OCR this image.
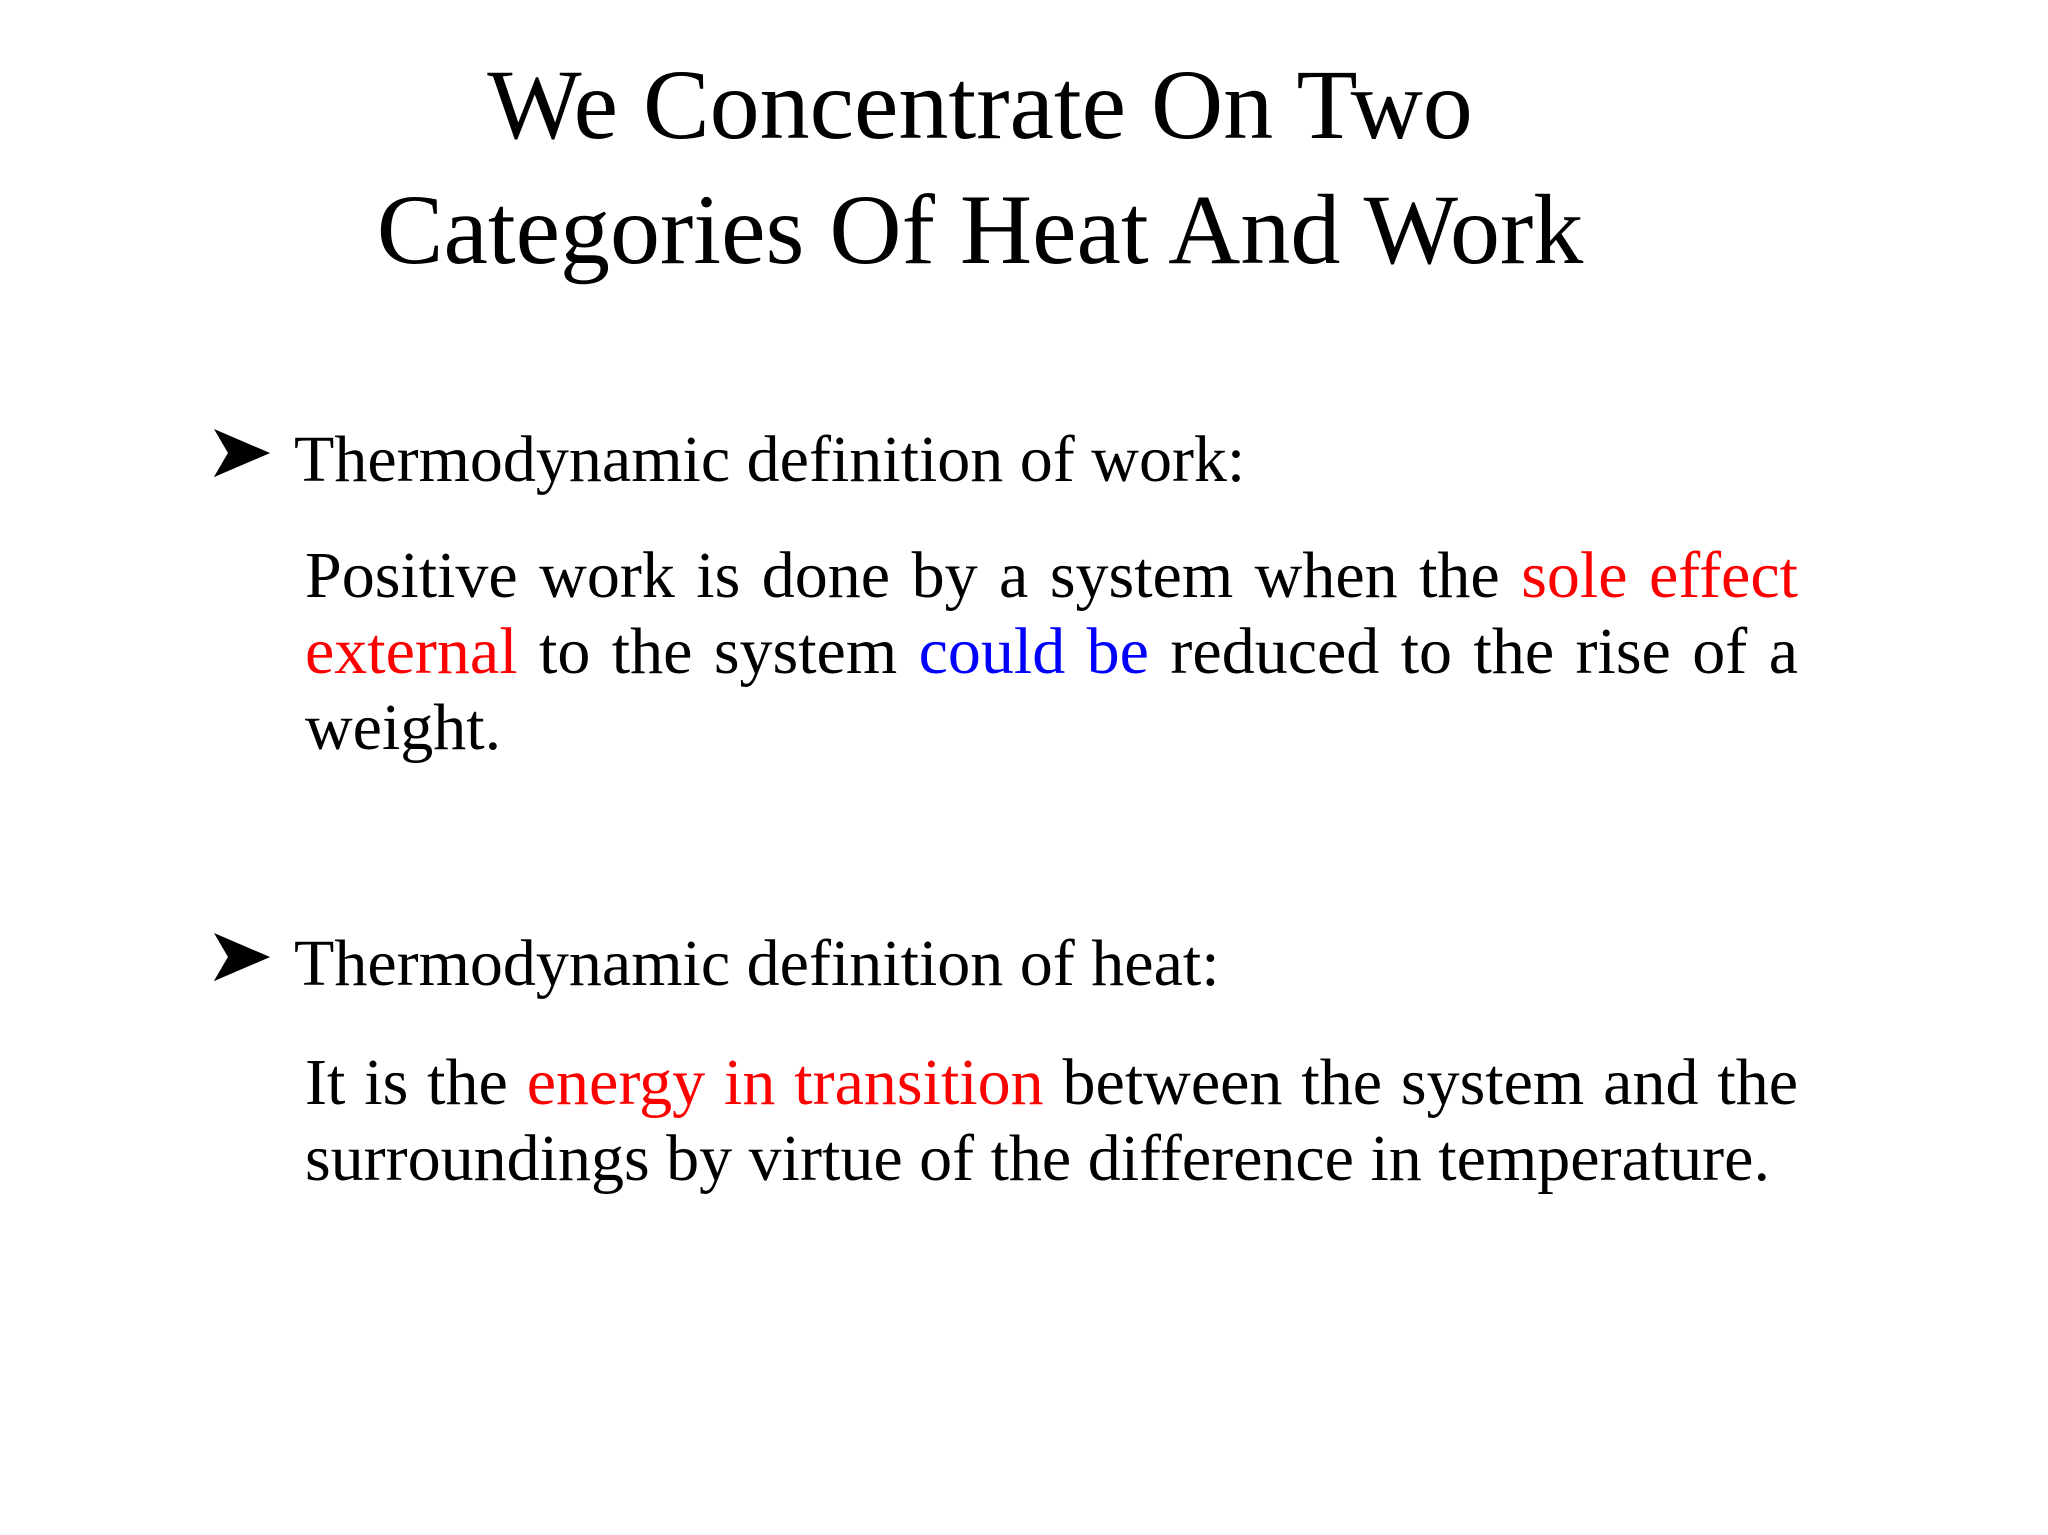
We Concentrate On Two
Categories Of Heat And Work
Thermodynamic definition of work:

Positive work is done by a system when the sole effect external to the system could be reduced to the rise of a weight.

Thermodynamic definition of heat:

It is the energy in transition between the system and the surroundings by virtue of the difference in temperature.
